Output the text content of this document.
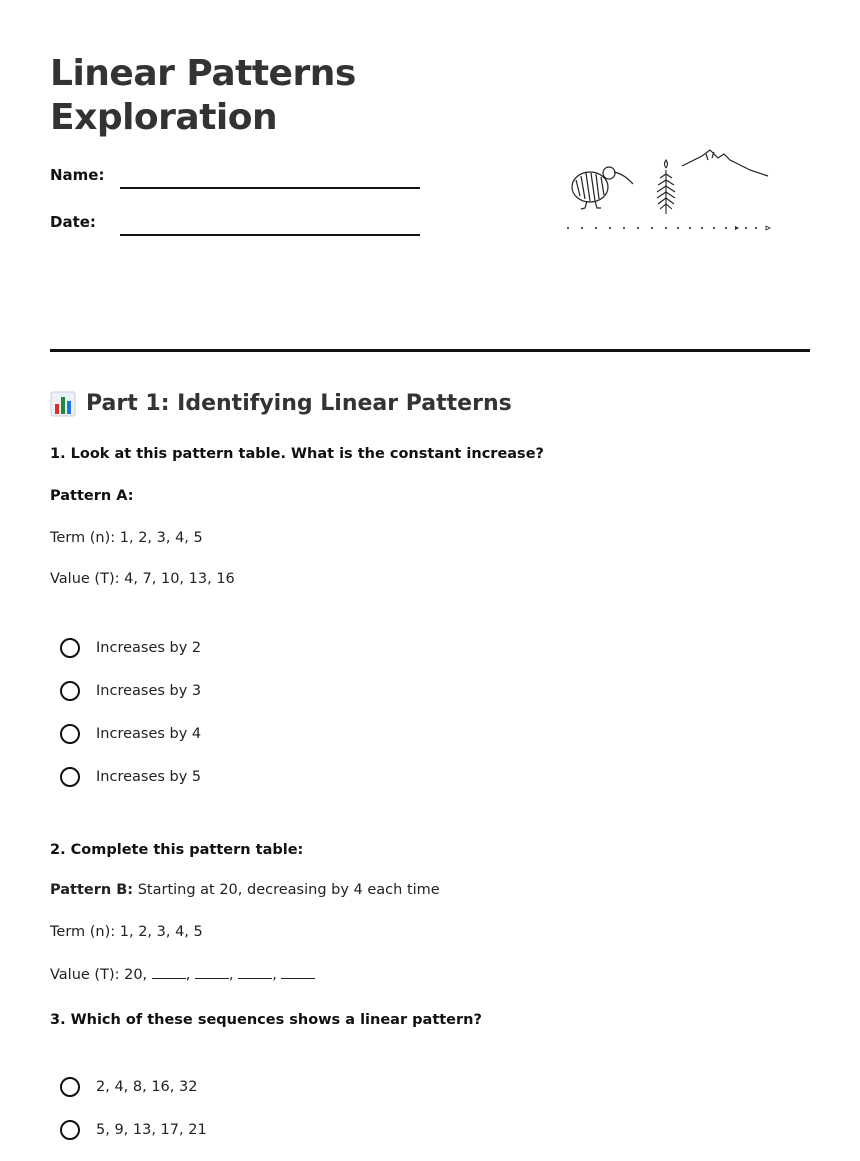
Linear Patterns
Exploration
Name:
Date:
Part 1: Identifying Linear Patterns
1. Look at this pattern table. What is the constant increase?
Pattern A:
Term (n): 1, 2, 3, 4, 5
Value (T): 4, 7, 10, 13, 16
Increases by 2
Increases by 3
Increases by 4
Increases by 5
2. Complete this pattern table:
Pattern B: Starting at 20, decreasing by 4 each time
Term (n): 1, 2, 3, 4, 5
Value (T): 20, , , ,
3. Which of these sequences shows a linear pattern?
2, 4, 8, 16, 32
5, 9, 13, 17, 21
